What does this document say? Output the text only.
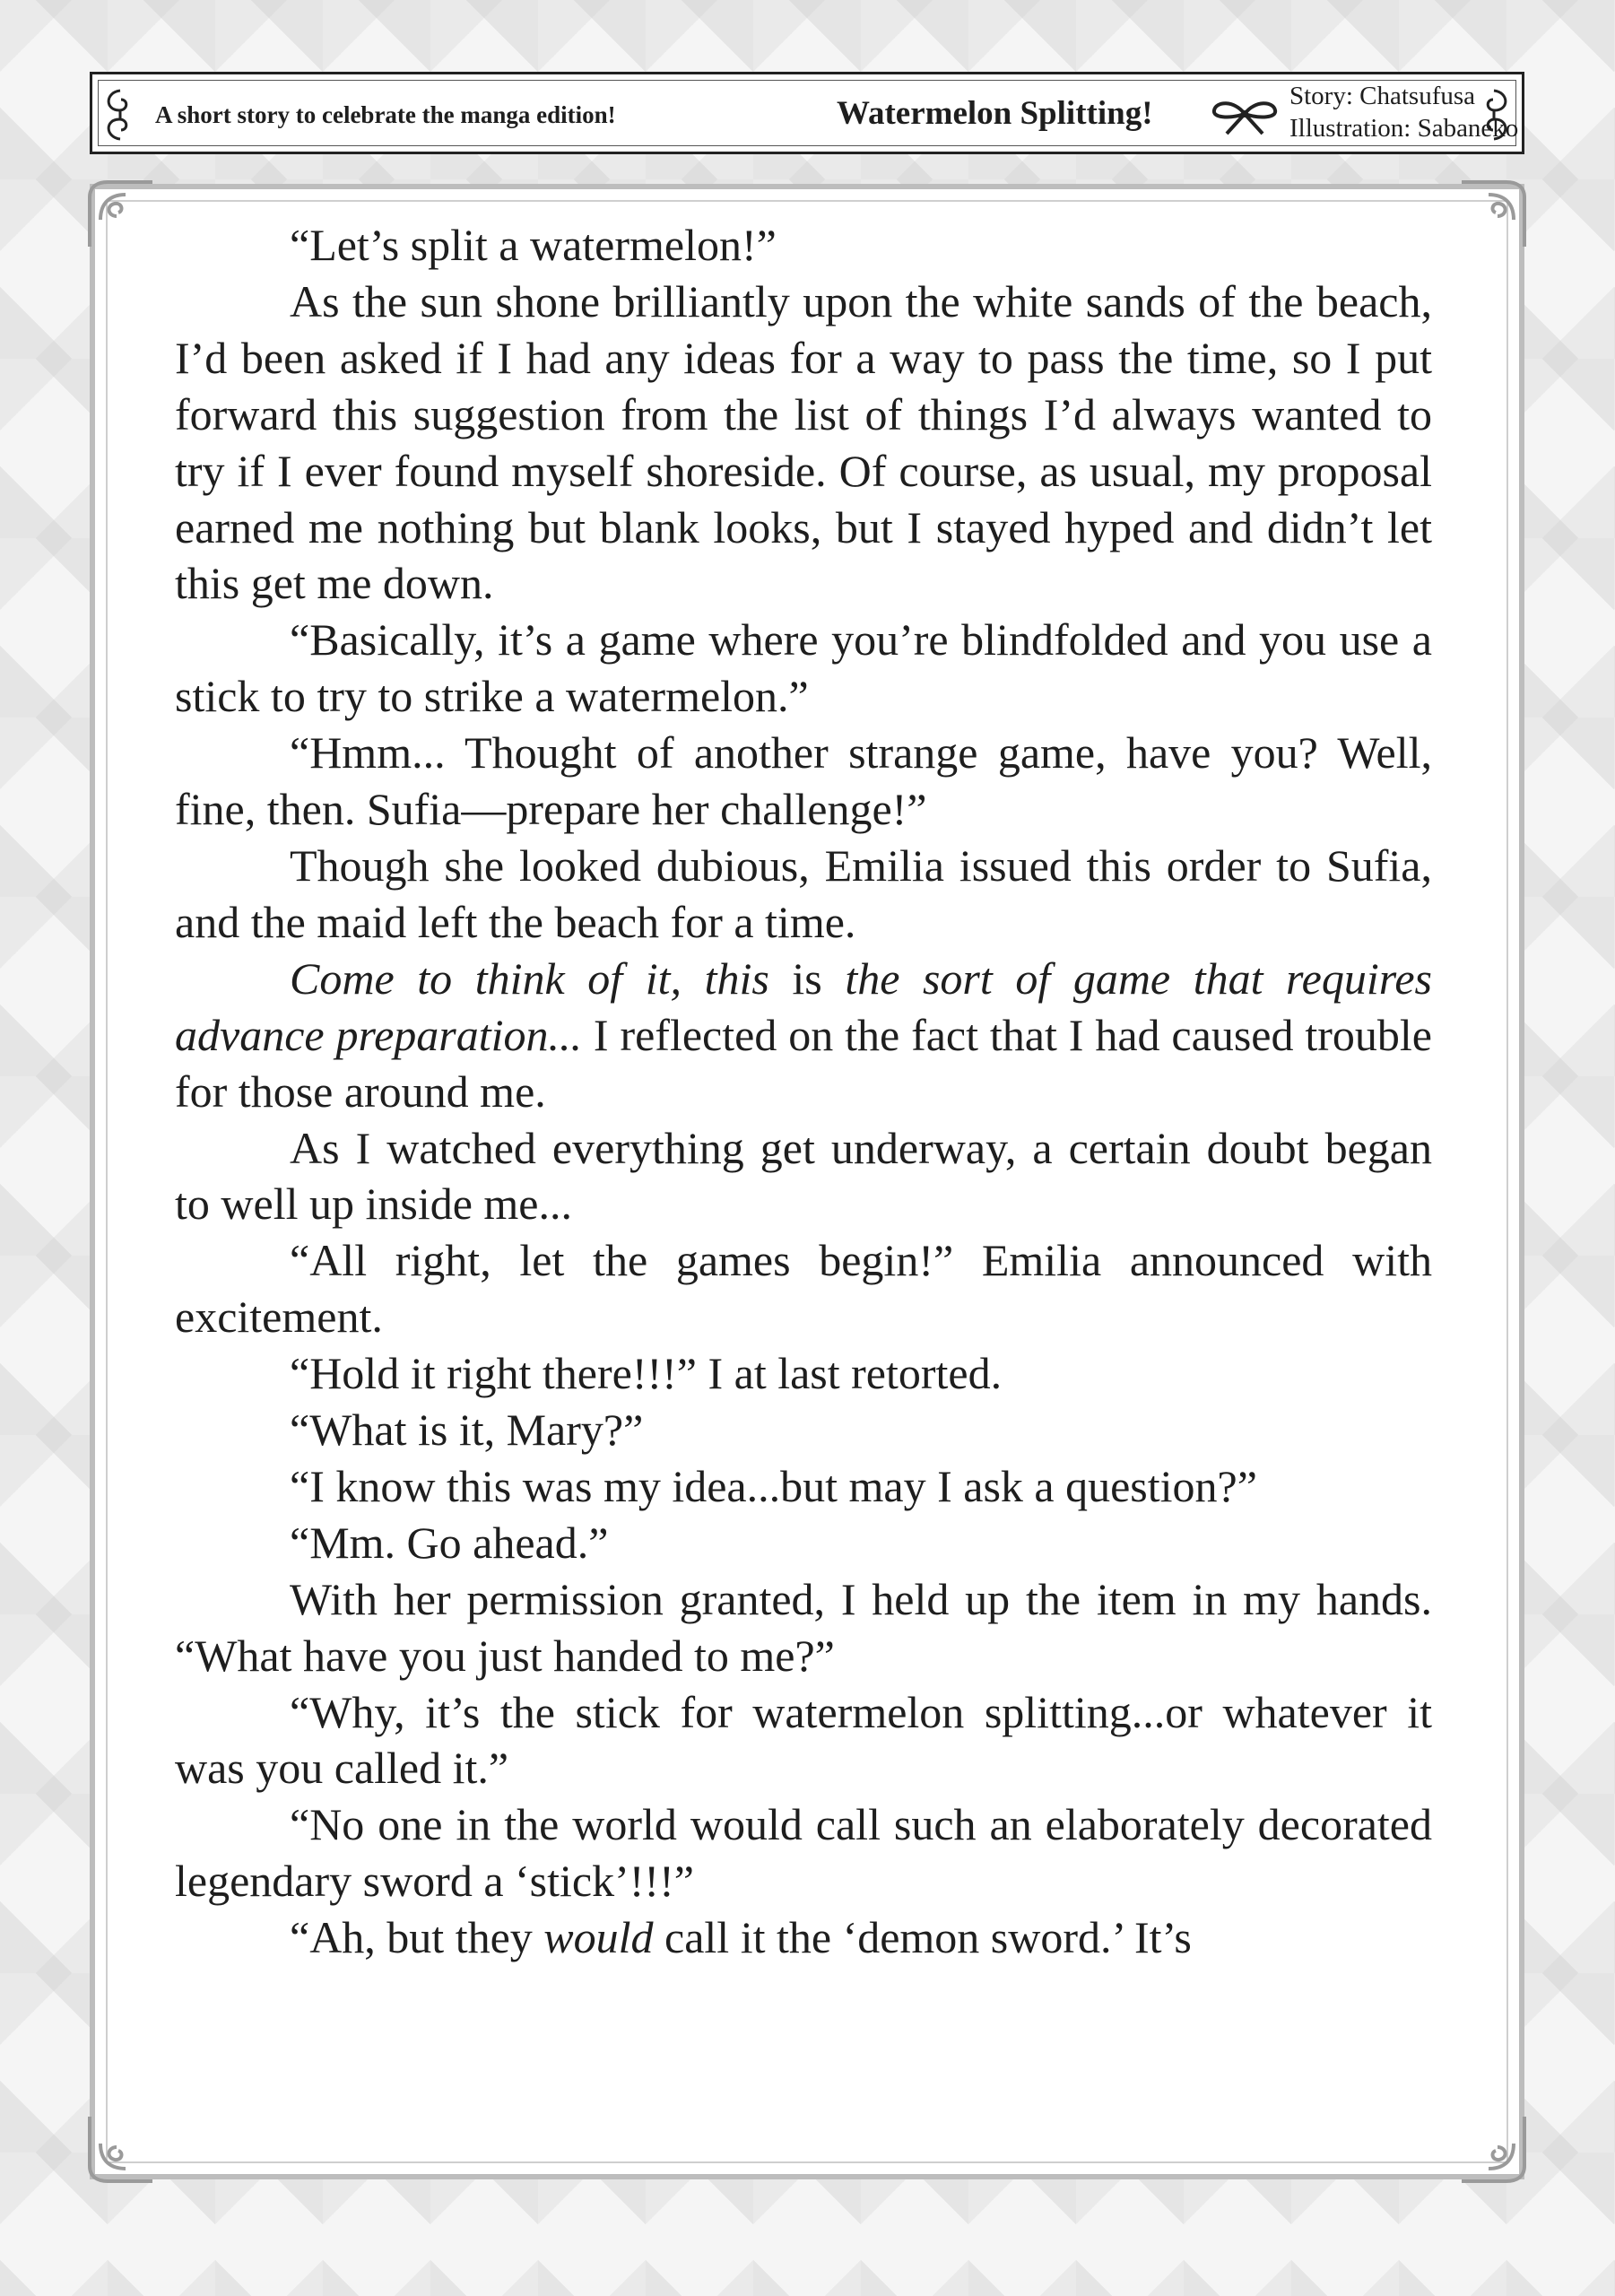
A short story to celebrate the manga edition!	Watermelon Splitting!	Story: Chatsufusa
Illustration: Sabaneko

“Let’s split a watermelon!”

As the sun shone brilliantly upon the white sands of the beach, I’d been asked if I had any ideas for a way to pass the time, so I put forward this suggestion from the list of things I’d always wanted to try if I ever found myself shoreside. Of course, as usual, my proposal earned me nothing but blank looks, but I stayed hyped and didn’t let this get me down.

“Basically, it’s a game where you’re blindfolded and you use a stick to try to strike a watermelon.”

“Hmm... Thought of another strange game, have you? Well, fine, then. Sufia—prepare her challenge!”

Though she looked dubious, Emilia issued this order to Sufia, and the maid left the beach for a time.

Come to think of it, this is the sort of game that requires advance preparation... I reflected on the fact that I had caused trouble for those around me.

As I watched everything get underway, a certain doubt began to well up inside me...

“All right, let the games begin!” Emilia announced with excitement.

“Hold it right there!!!” I at last retorted.

“What is it, Mary?”

“I know this was my idea...but may I ask a question?”

“Mm. Go ahead.”

With her permission granted, I held up the item in my hands. “What have you just handed to me?”

“Why, it’s the stick for watermelon splitting...or whatever it was you called it.”

“No one in the world would call such an elaborately decorated legendary sword a ‘stick’!!!”

“Ah, but they would call it the ‘demon sword.’ It’s
